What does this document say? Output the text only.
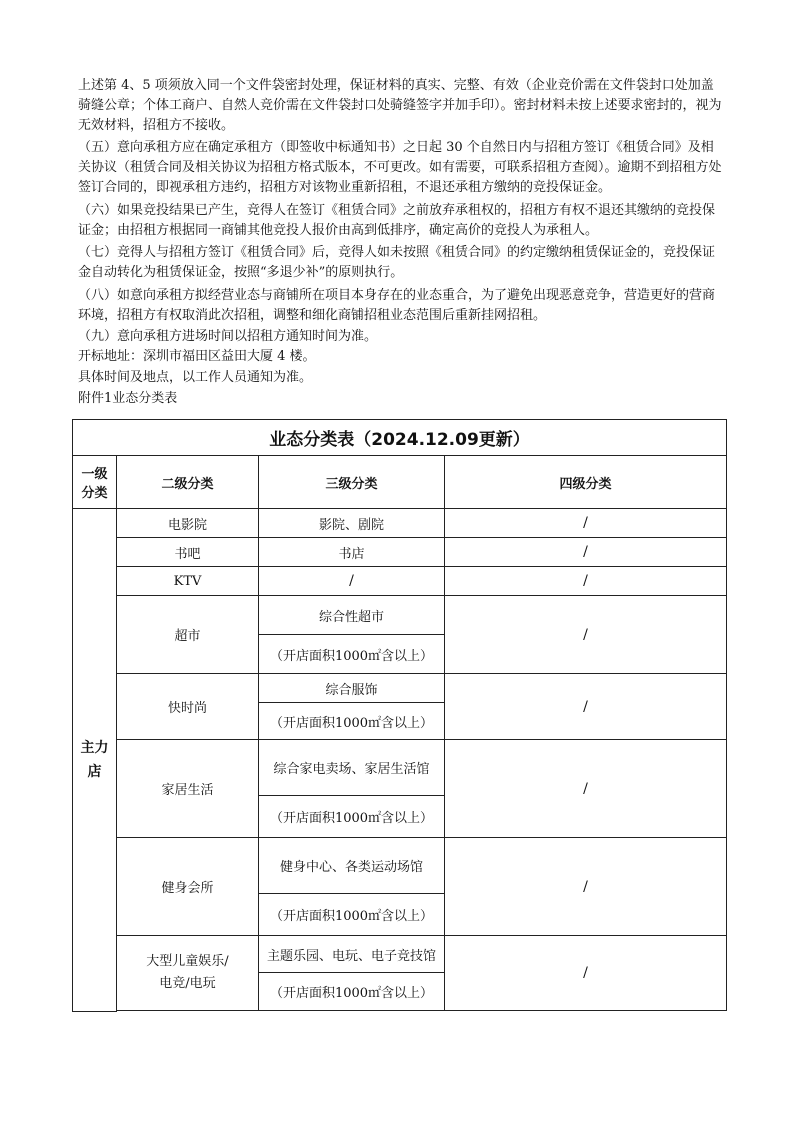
上述第 4、5 项须放入同一个文件袋密封处理，保证材料的真实、完整、有效（企业竞价需在文件袋封口处加盖骑缝公章；个体工商户、自然人竞价需在文件袋封口处骑缝签字并加手印）。密封材料未按上述要求密封的，视为无效材料，招租方不接收。

（五）意向承租方应在确定承租方（即签收中标通知书）之日起 30 个自然日内与招租方签订《租赁合同》及相关协议（租赁合同及相关协议为招租方格式版本，不可更改。如有需要，可联系招租方查阅）。逾期不到招租方处签订合同的，即视承租方违约，招租方对该物业重新招租，不退还承租方缴纳的竞投保证金。

（六）如果竞投结果已产生，竞得人在签订《租赁合同》之前放弃承租权的，招租方有权不退还其缴纳的竞投保证金；由招租方根据同一商铺其他竞投人报价由高到低排序，确定高价的竞投人为承租人。

（七）竞得人与招租方签订《租赁合同》后，竞得人如未按照《租赁合同》的约定缴纳租赁保证金的，竞投保证金自动转化为租赁保证金，按照“多退少补”的原则执行。

（八）如意向承租方拟经营业态与商铺所在项目本身存在的业态重合，为了避免出现恶意竞争，营造更好的营商环境，招租方有权取消此次招租，调整和细化商铺招租业态范围后重新挂网招租。

（九）意向承租方进场时间以招租方通知时间为准。
开标地址：深圳市福田区益田大厦 4 楼。
具体时间及地点，以工作人员通知为准。
附件1业态分类表
业态分类表（2024.12.09更新）			

一级
分类	二级分类	三级分类	四级分类

主力
店	电影院	影院、剧院	/
	书吧	书店	/
	KTV	/	/
	超市	综合性超市	/
		（开店面积1000㎡含以上）	
	快时尚	综合服饰	/
		（开店面积1000㎡含以上）	
	家居生活	综合家电卖场、家居生活馆	/
		（开店面积1000㎡含以上）	
	健身会所	健身中心、各类运动场馆	/
		（开店面积1000㎡含以上）	

	大型儿童娱乐/
电竞/电玩	主题乐园、电玩、电子竞技馆	/
		（开店面积1000㎡含以上）	
